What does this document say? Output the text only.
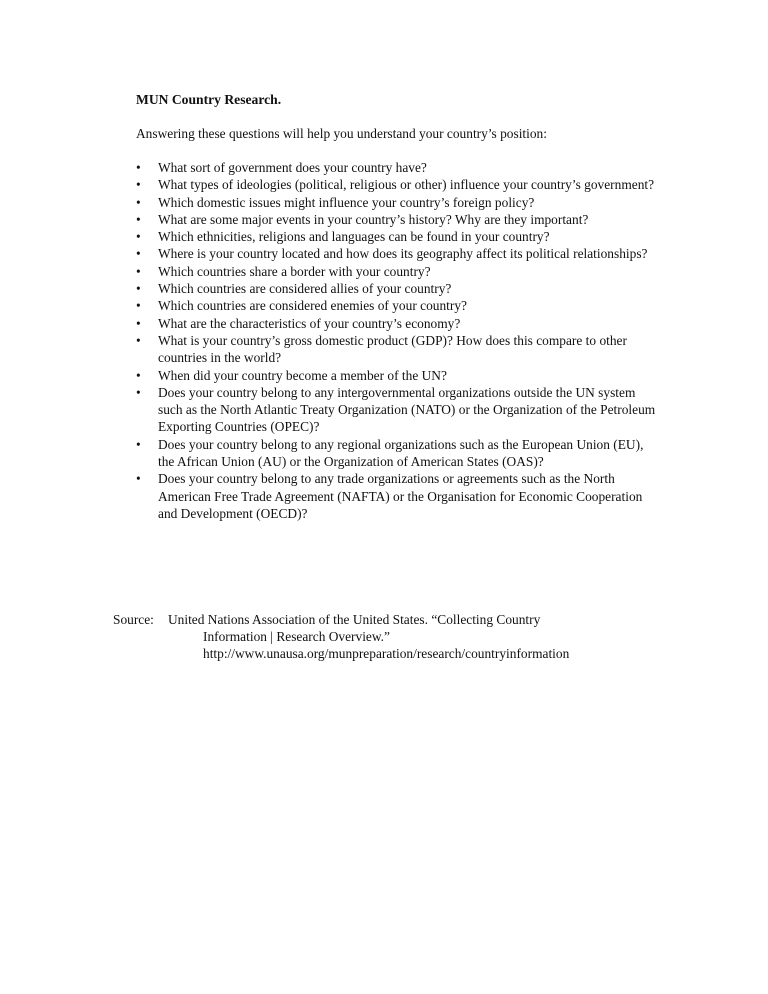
MUN Country Research.
Answering these questions will help you understand your country’s position:
•	What sort of government does your country have?
•	What types of ideologies (political, religious or other) influence your country’s government?
•	Which domestic issues might influence your country’s foreign policy?
•	What are some major events in your country’s history? Why are they important?
•	Which ethnicities, religions and languages can be found in your country?
•	Where is your country located and how does its geography affect its political relationships?
•	Which countries share a border with your country?
•	Which countries are considered allies of your country?
•	Which countries are considered enemies of your country?
•	What are the characteristics of your country’s economy?
•	What is your country’s gross domestic product (GDP)? How does this compare to other countries in the world?
•	When did your country become a member of the UN?
•	Does your country belong to any intergovernmental organizations outside the UN system such as the North Atlantic Treaty Organization (NATO) or the Organization of the Petroleum Exporting Countries (OPEC)?
•	Does your country belong to any regional organizations such as the European Union (EU), the African Union (AU) or the Organization of American States (OAS)?
•	Does your country belong to any trade organizations or agreements such as the North American Free Trade Agreement (NAFTA) or the Organisation for Economic Cooperation and Development (OECD)?
Source: United Nations Association of the United States. “Collecting Country
Information | Research Overview.”
http://www.unausa.org/munpreparation/research/countryinformation
